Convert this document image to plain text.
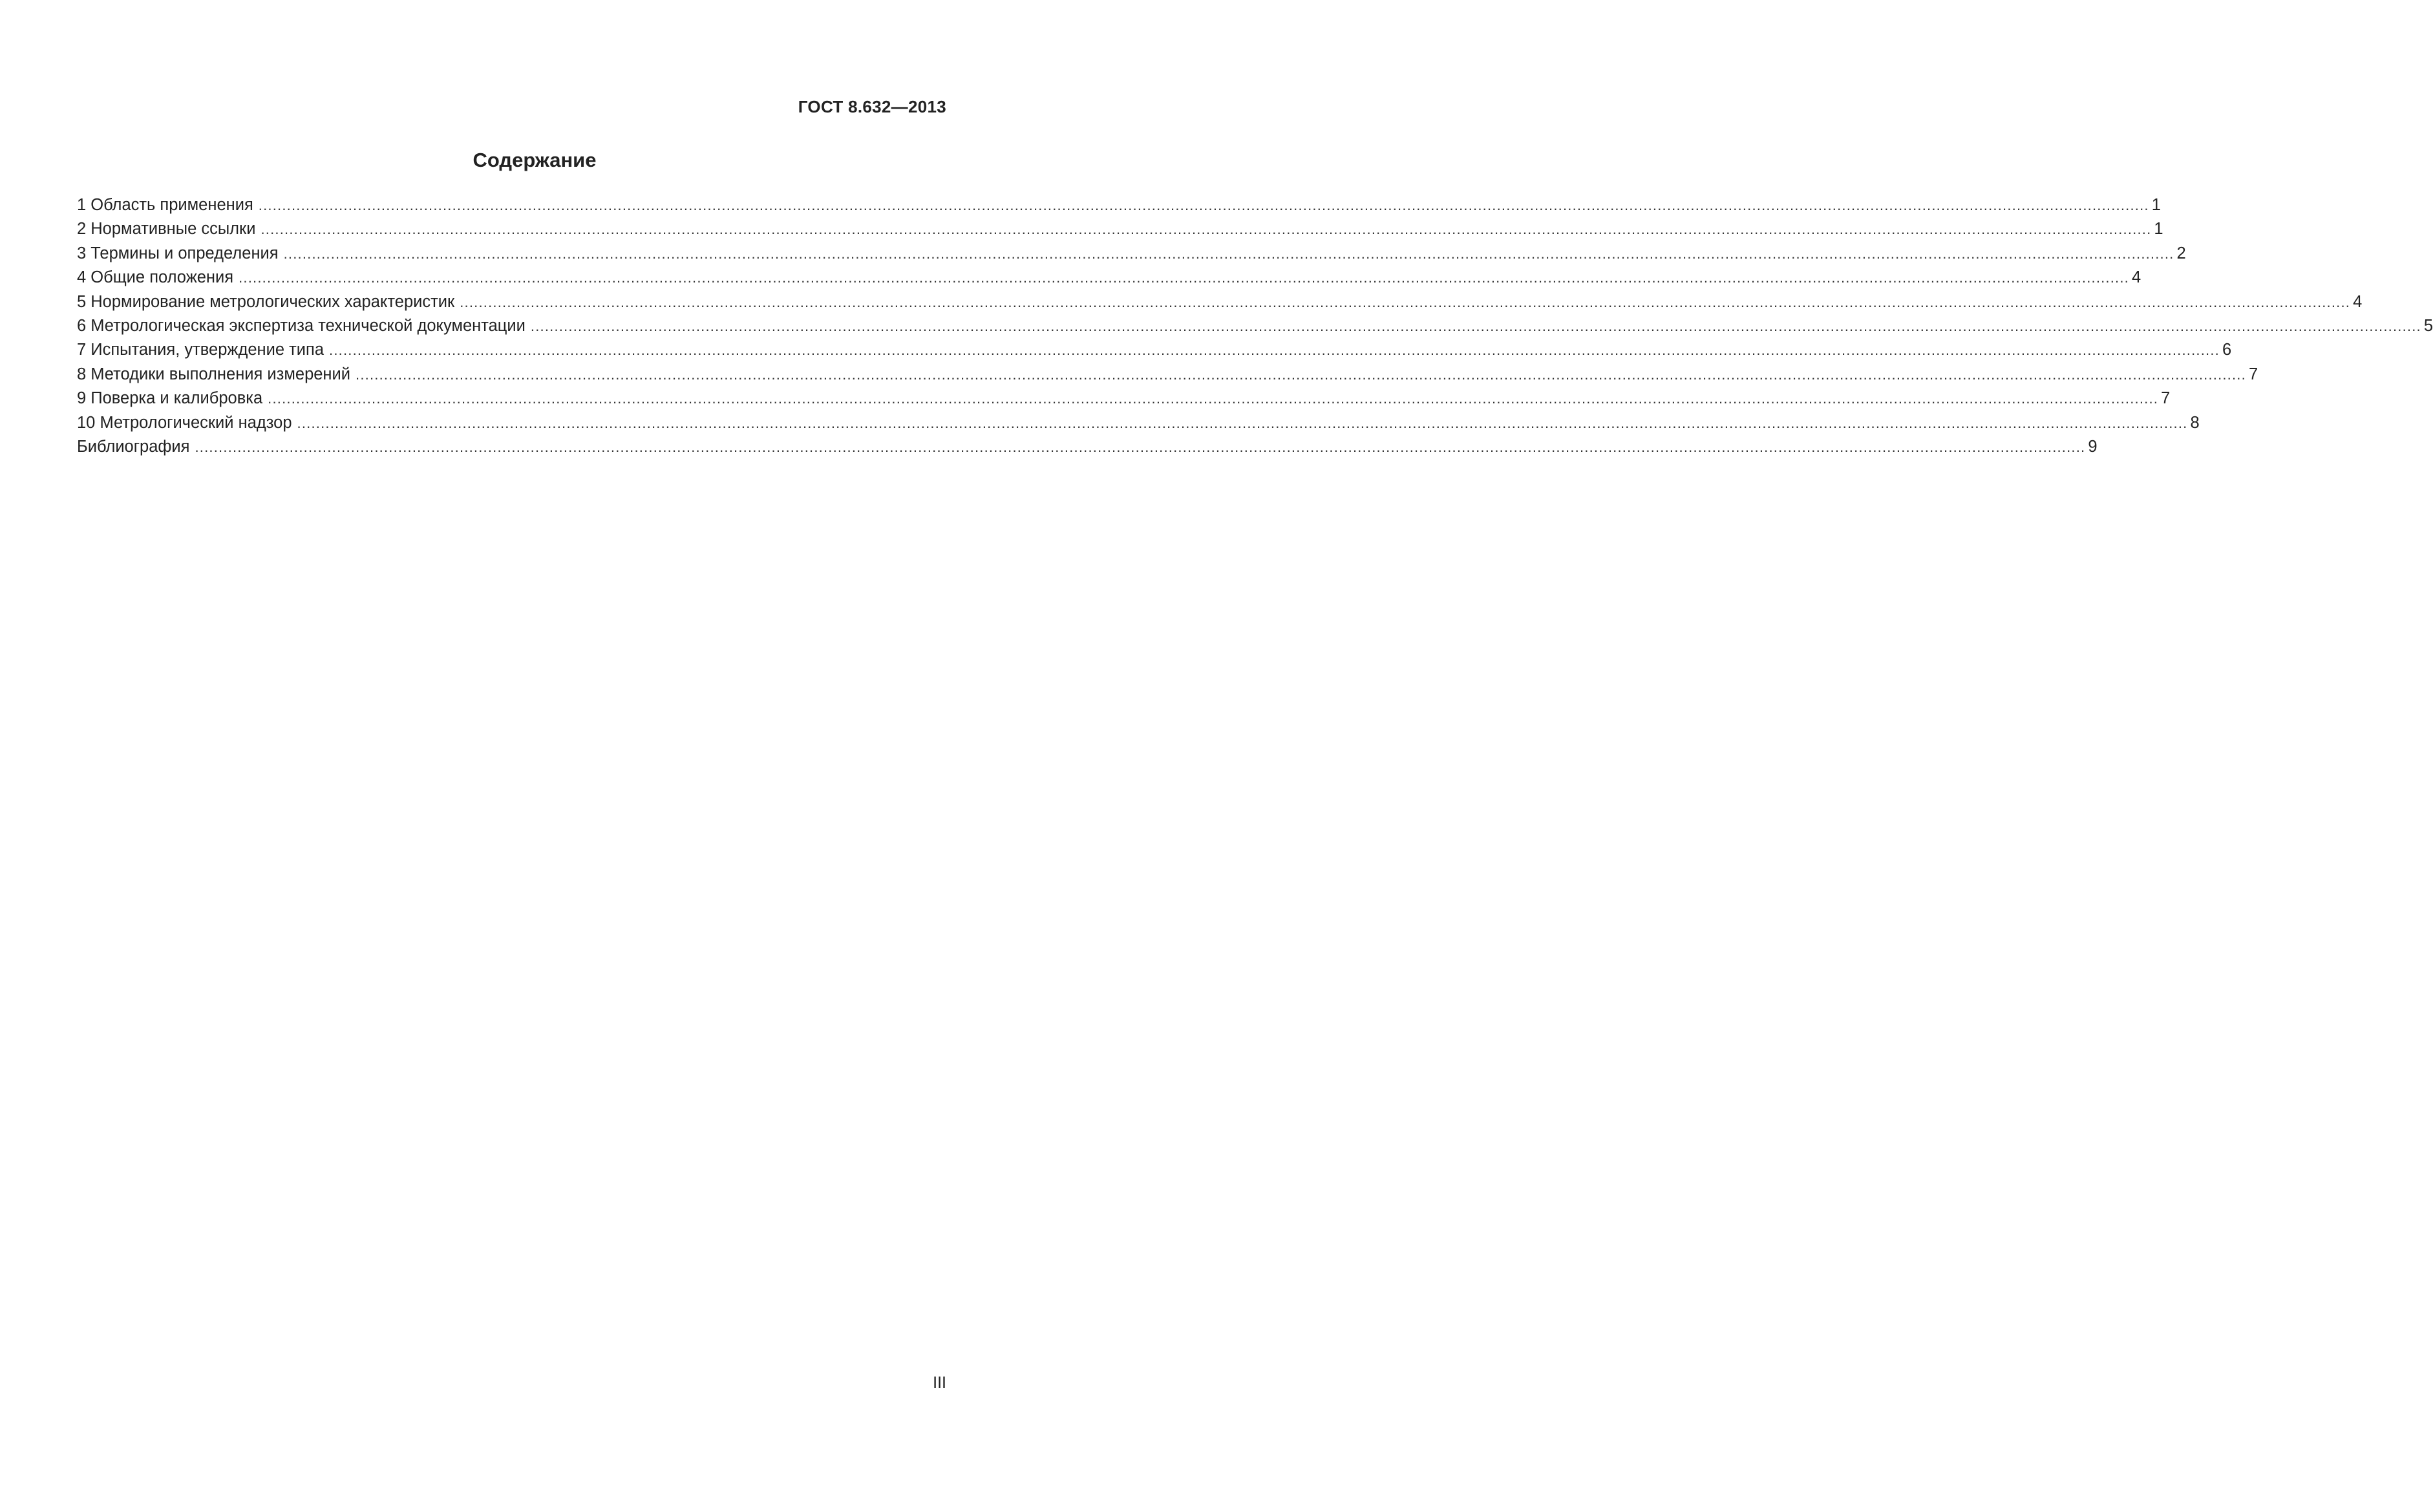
ГОСТ 8.632—2013
Содержание
1 Область применения ................................................................................................................................................................................................................................................................................................................................................................................................................ 1
2 Нормативные ссылки ................................................................................................................................................................................................................................................................................................................................................................................................................ 1
3 Термины и определения ................................................................................................................................................................................................................................................................................................................................................................................................................ 2
4 Общие положения ................................................................................................................................................................................................................................................................................................................................................................................................................ 4
5 Нормирование метрологических характеристик ................................................................................................................................................................................................................................................................................................................................................................................................................ 4
6 Метрологическая экспертиза технической документации ................................................................................................................................................................................................................................................................................................................................................................................................................ 5
7 Испытания, утверждение типа ................................................................................................................................................................................................................................................................................................................................................................................................................ 6
8 Методики выполнения измерений ................................................................................................................................................................................................................................................................................................................................................................................................................ 7
9 Поверка и калибровка ................................................................................................................................................................................................................................................................................................................................................................................................................ 7
10 Метрологический надзор ................................................................................................................................................................................................................................................................................................................................................................................................................ 8
Библиография ................................................................................................................................................................................................................................................................................................................................................................................................................ 9
III
